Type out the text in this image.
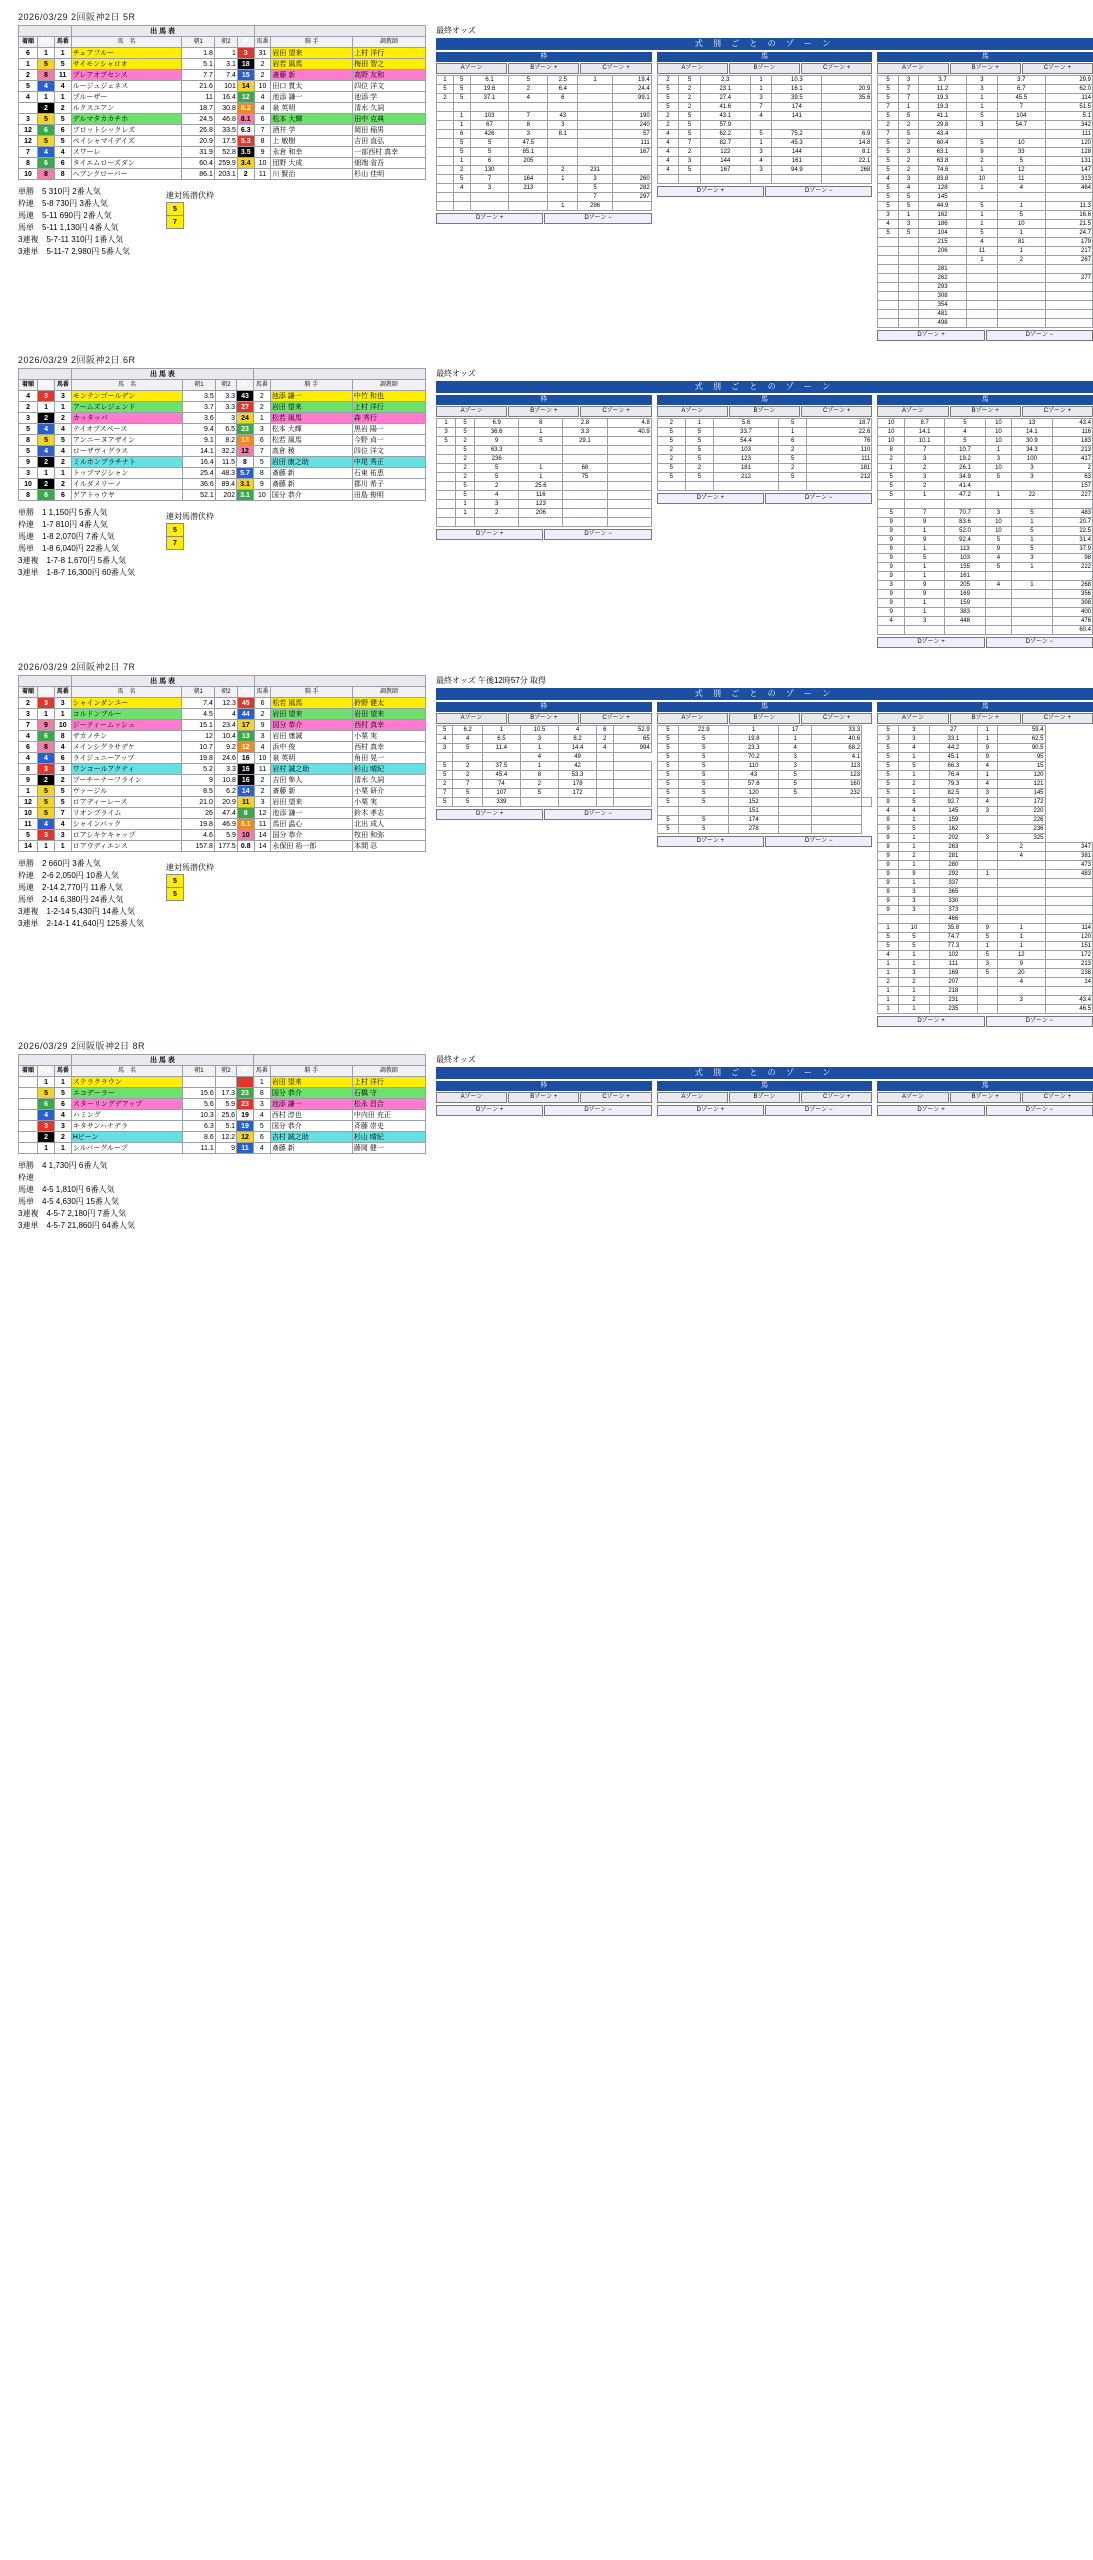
2026/03/29 2回阪神2日 5R
			出 馬 表						
着順	枠番	馬番	馬　名	朝1	朝2	枠	馬番	騎 手	調教師
6	1	1	チェアフルー	1.8	1	3	31	岩田 望来	上村 洋行
1	5	5	サイモンシャロオ	5.1	3.1	18	2	岩若 風馬	梅田 智之
2	8	11	プレアオブセンス	7.7	7.4	15	2	斎藤 新	高野 友和
5	4	4	ルージュジェネス	21.6	101	14	10	田口 貫太	四位 洋文
4	1	1	ブルーザー	11	16.4	12	4	池添 謙一	池添 学
	2	2	ルクスユアン	18.7	30.8	8.2	4	泉 英明	清水 久詞
3	5	5	デルマタカカチホ	24.5	46.8	8.1	6	松本 大輝	田中 克典
12	6	6	ブロットシックレズ	26.8	33.5	6.3	7	酒井 学	岡田 稲男
12	5	5	ペイシャマイデイズ	20.9	17.5	5.3	8	上 敏樹	吉田 直弘
7	4	4	スワーレ	31.9	52.8	3.5	9	永倉 和幸	一部西村 真幸
8	6	6	タイエムローズダン	60.4	259.9	3.4	10	団野 大成	畑端 省吾
10	8	8	ヘブンクローバー	86.1	203.1	2	11	川 賢治	杉山 佳明
単勝　5 310円 2番人気
枠連　5-8 730円 3番人気
馬連　5-11 690円 2番人気
馬単　5-11 1,130円 4番人気
3連複　5-7-11 310円 1番人気
3連単　5-11-7 2,980円 5番人気
連対馬潜伏枠
5
7
最終オッズ
式 別 ご と の ゾ ー ン
枠
Aゾーン	Bゾーン +	Cゾーン +
1	5	6.1	5	2.5	1	19.4
5	5	19.6	2	6.4		24.4
2	5	37.1	4	6		99.1

	1	103	7	43		190
	1	67	8	3		240
	6	426	3	8.1		57
	5	5	47.5			111
	5	5	85.1			167
	1	6	205			
	2	130		2	231	
	5	7	164	1	3	260
	4	3	213		5	282
					7	297
				1	296	
Dゾーン +	Dゾーン −
馬
Aゾーン	Bゾーン	Cゾーン +
2	5	2.3	1	10.3	
5	2	23.1	1	16.1	20.9
5	2	27.4	3	39.5	35.6
5	2	41.6	7	174	
2	5	43.1	4	141	
2	5	57.9			
4	5	62.2	5	75.2	6.9
4	7	82.7	1	45.3	14.8
4	2	122	3	144	8.1
4	3	144	4	161	22.1
4	5	167	3	94.9	268

Dゾーン +	Dゾーン −
馬
Aゾーン	Bゾーン +	Cゾーン +
5	3	3.7	3	3.7	29.9
5	7	11.2	3	6.7	62.0
5	7	19.3	1	45.5	114
7	1	19.3	1	7	51.5
5	5	41.1	5	104	5.1
2	2	29.8	3	54.7	342
7	5	43.4			111
5	2	60.4	5	10	120
5	3	63.1	9	33	128
5	2	63.8	2	5	131
5	2	74.6	1	12	147
4	3	83.8	10	11	313
5	4	128	1	4	464
5	5	145			
5	5	44.9	5	1	11.3
3	1	162	1	5	16.6
4	3	186	1	10	21.5
5	5	104	5	1	24.7
		215	4	81	179
		206	11	1	217
			1	2	267
		281			
		262			277
		293			
		308			
		354			
		481			
		498			
Dゾーン +	Dゾーン −
2026/03/29 2回阪神2日 6R
			出 馬 表						
着順	枠番	馬番	馬　名	朝1	朝2	枠	馬番	騎 手	調教師
4	3	3	モンテンゴールデン	3.5	3.3	43	2	池添 謙一	中竹 和也
2	1	1	アームズレジェンド	3.7	3.3	27	2	岩田 望来	上村 洋行
3	2	2	カッタッパ	3.6	3	24	1	松若 風馬	森 秀行
5	4	4	テイオブスペース	9.4	6.5	23	3	松本 大輝	黒岩 陽一
8	5	5	アンニーヌアザイン	9.1	8.2	13	6	松若 風馬	今野 貞一
5	4	4	ローザヴィグラス	14.1	32.2	12	7	高倉 稜	四位 洋文
9	2	2	ミルホンプラチナト	16.4	11.5	8	5	岩田 康之助	中尾 秀正
3	1	1	トップマジシャン	25.4	48.3	5.7	8	斎藤 新	石東 祐恵
10	2	2	イルダメリーノ	36.6	89.4	3.1	9	斎藤 新	郡川 希子
8	6	6	ゲアトゥウヤ	52.1	202	3.1	10	国分 恭介	田島 俊明
単勝　1 1,150円 5番人気
枠連　1-7 810円 4番人気
馬連　1-8 2,070円 7番人気
馬単　1-8 6,040円 22番人気
3連複　1-7-8 1,670円 5番人気
3連単　1-8-7 16,300円 60番人気
連対馬潜伏枠
5
7
最終オッズ
式 別 ご と の ゾ ー ン
枠
Aゾーン	Bゾーン +	Cゾーン +
1	5	6.9	8	2.8	4.8
3	5	36.6	1	3.3	40.9
5	2	9	5	29.1	
	5	63.3			
	2	236			
	2	5	1	68	
	2	5	1	75	
	5	2	25.6		
	5	4	116		
	1	3	123		
	1	2	206		

Dゾーン +	Dゾーン −
馬
Aゾーン	Bゾーン	Cゾーン +
2	1	5.6	5	18.7
5	5	33.7	1	22.6
5	5	54.4	6	76
2	5	103	2	110
2	5	123	5	111
5	2	181	2	181
5	5	212	5	212

Dゾーン +	Dゾーン −
馬
Aゾーン	Bゾーン +	Cゾーン +
10	8.7	5	10	13	43.4
10	14.1	4	10	14.1	116
10	10.1	5	10	30.9	183
8	7	10.7	1	34.3	213
2	3	19.2	3	100	417
1	2	26.1	10	3	2
5	3	34.9	5	3	63
5	2	41.4			157
5	1	47.2	1	22	227

5	7	70.7	3	5	483
9	9	83.6	10	1	20.7
9	1	52.0	10	5	22.5
9	9	92.4	5	1	31.4
9	1	113	9	5	37.9
9	5	103	4	3	98
9	1	155	5	1	222
9	1	161			
3	9	205	4	1	268
9	9	169			356
9	1	159			398
9	1	383			400
4	3	448			476
					60.4
Dゾーン +	Dゾーン −
2026/03/29 2回阪神2日 7R
			出 馬 表						
着順	枠番	馬番	馬　名	朝1	朝2	枠	馬番	騎 手	調教師
2	3	3	シャインダンユー	7.4	12.3	45	6	松若 風馬	鈴野 健太
3	1	1	コルドンブルー	4.5	4	44	2	岩田 望来	岩田 望来
7	9	10	ジーティームッシュ	15.1	23.4	17	9	国分 恭介	西村 真幸
4	6	8	ザカノチン	12	10.4	13	3	岩田 康誠	小栗 実
6	8	4	メインシグラサデケ	10.7	9.2	12	4	浜中 俊	西村 真幸
4	4	6	ライジュニーアップ	19.8	24.6	16	10	泉 英明	角田 晃一
8	3	3	ワンコールアクティ	5.2	3.3	16	11	岩村 誠之助	杉山 晴紀
9	2	2	ブーチーナーフライン	9	10.8	16	2	吉田 隼人	清水 久詞
1	5	5	ヴァージル	8.5	6.2	14	2	斎藤 新	小栗 研介
12	5	5	ロアディーレース	21.0	20.9	11	3	岩田 望来	小栗 実
10	5	7	リオンブライム	26	47.4	8	12	池添 謙一	鈴木 孝志
11	4	4	シャインバック	19.8	46.9	6.1	11	馬田 温心	北出 成人
5	3	3	ロアシキケキャップ	4.6	5.9	10	14	国分 恭介	牧田 和弥
14	1	1	ロアウディエンス	157.8	177.5	0.8	14	永保田 裕一郎	本間 忍
単勝　2 660円 3番人気
枠連　2-6 2,050円 10番人気
馬連　2-14 2,770円 11番人気
馬単　2-14 6,380円 24番人気
3連複　1-2-14 5,430円 14番人気
3連単　2-14-1 41,640円 125番人気
連対馬潜伏枠
5
5
最終オッズ 午後12時57分 取得
式 別 ご と の ゾ ー ン
枠
Aゾーン	Bゾーン +	Cゾーン +
5	6.2	1	10.5	4	6	52.9
4	4	6.5	3	8.2	2	65
3	5	11.4	1	14.4	4	994
			4	49		
5	2	37.5	1	42		
5	2	45.4	8	53.3		
2	7	74	2	178		
7	5	107	5	172		
5	5	339				
Dゾーン +	Dゾーン −
馬
Aゾーン	Bゾーン	Cゾーン +
5	22.9	1	17	33.3	
5	5	19.8	1	40.6	
5	5	23.3	4	68.2	
5	5	70.2	3	4.1	
5	5	110	3	113	
5	5	43	5	123	
5	5	57.6	5	160	
5	5	120	5	232	
5	5	152			
		151			
5	5	174			
5	5	278			
Dゾーン +	Dゾーン −
馬
Aゾーン	Bゾーン +	Cゾーン +
5	3	27	1	59.4	
3	3	33.1	1	62.5	
5	4	44.2	9	90.5	
5	1	45.1	9	95	
5	5	66.3	4	15	
5	1	76.4	1	120	
5	2	79.3	4	121	
5	1	82.5	3	145	
9	5	92.7	4	172	
4	4	145	3	220	
9	1	159		226	
9	5	162		236	
9	1	202	3	325	
9	1	263		2	347
9	2	281		4	381
9	1	280			473
9	9	292	1		483
9	1	337			
9	3	365			
9	3	330			
9	3	373			
		466			
1	10	35.8	9	1	114
5	5	74.7	5	1	120
5	5	77.3	1	1	151
4	1	102	5	12	172
1	1	111	3	9	213
1	3	169	5	20	238
2	2	207		4	14
1	1	218			
1	2	231		3	43.4
1	1	235			46.5
Dゾーン +	Dゾーン −
2026/03/29 2回阪版神2日 8R
			出 馬 表						
着順	枠番	馬番	馬　名	朝1	朝2	枠	馬番	騎 手	調教師
	1	1	ステラクラウン				1	岩田 望来	上村 洋行
	5	5	エコデーラー	15.6	17.3	23	8	国分 恭介	石橋 守
	6	6	スターリングデアップ	5.6	5.9	23	3	池添 謙一	松永 昌合
	4	4	ハミング	10.3	25.6	19	4	西村 淳也	中内田 充正
	3	3	キタサンハナデラ	6.3	5.1	19	5	国分 恭介	斉藤 崇史
	2	2	Hビーン	8.6	12.2	12	6	吉村 誠之助	杉山 晴紀
	1	1	シルバーグループ	11.1	9	11	4	斎藤 新	藤岡 健一
単勝　4 1,730円 6番人気
枠連
馬連　4-5 1,810円 6番人気
馬単　4-5 4,630円 15番人気
3連複　4-5-7 2,180円 7番人気
3連単　4-5-7 21,860円 64番人気
最終オッズ
式 別 ご と の ゾ ー ン
枠
Aゾーン	Bゾーン +	Cゾーン +
Dゾーン +	Dゾーン −
馬
Aゾーン	Bゾーン	Cゾーン +
Dゾーン +	Dゾーン −
馬
Aゾーン	Bゾーン +	Cゾーン +
Dゾーン +	Dゾーン −
